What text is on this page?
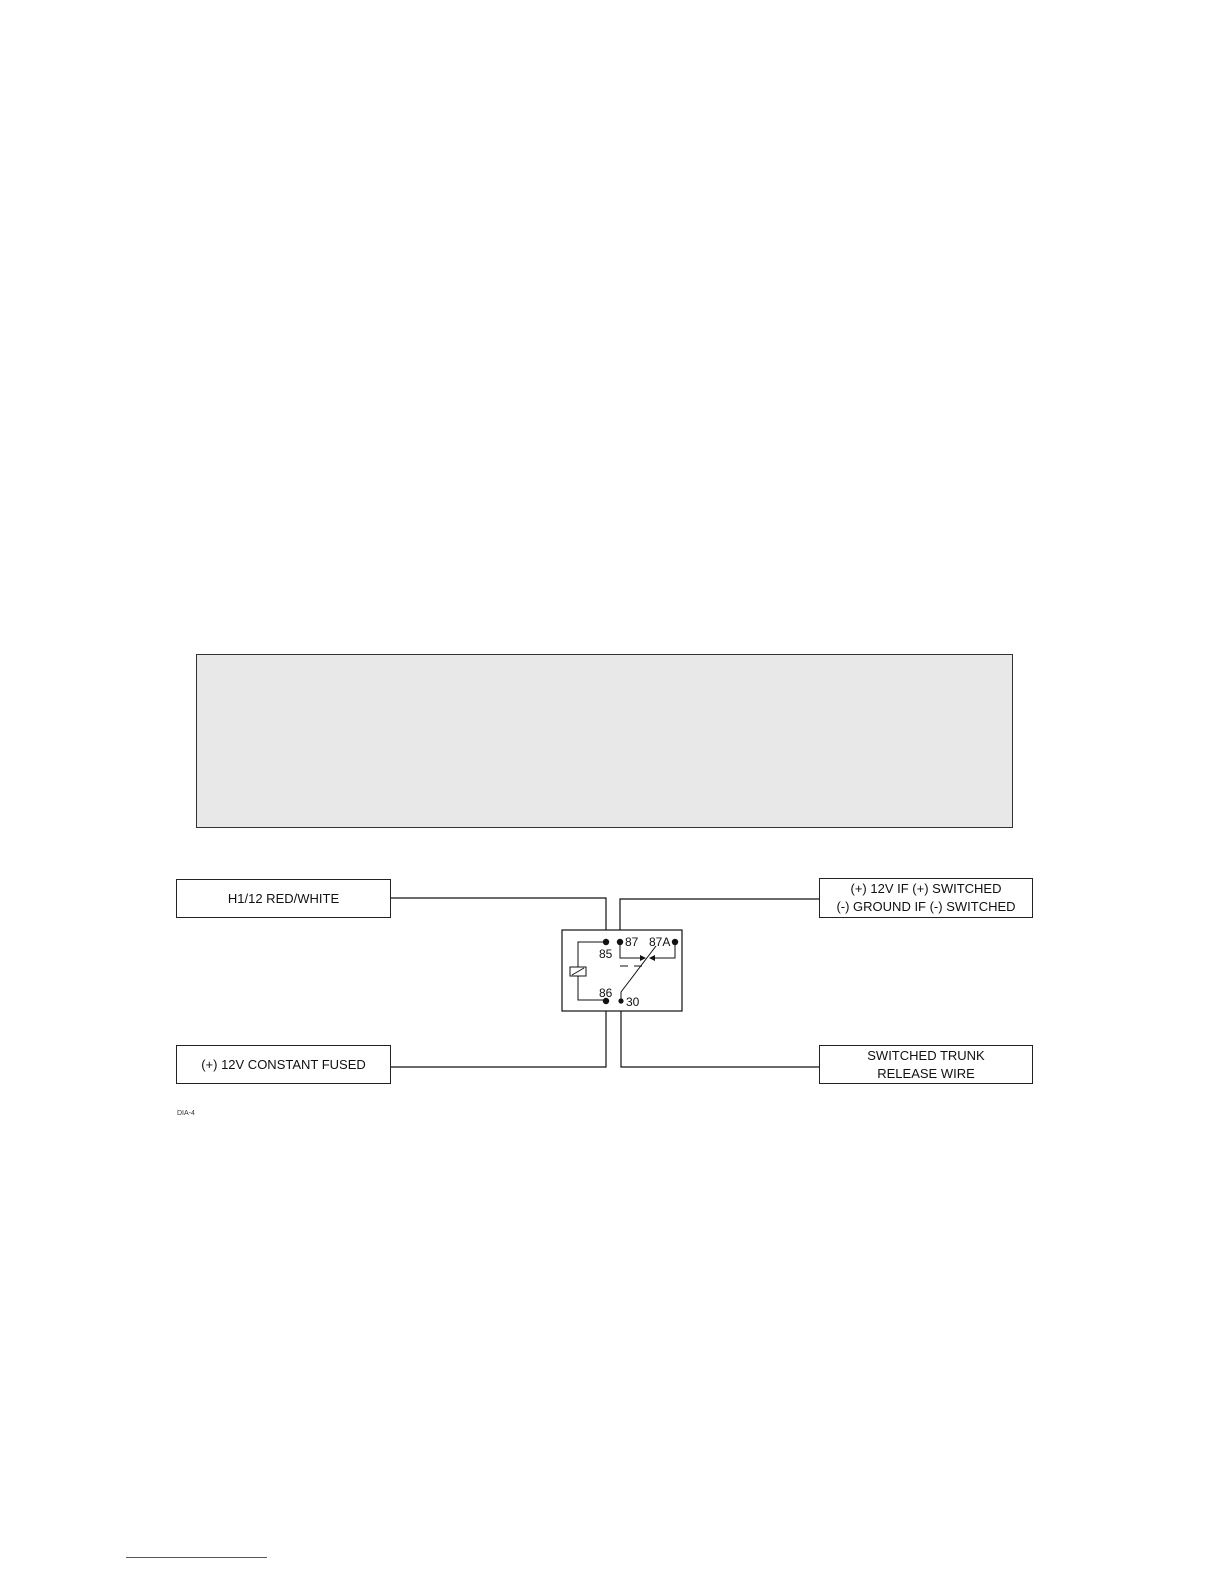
H1/12 RED/WHITE
(+) 12V IF (+) SWITCHED
(-) GROUND IF (-) SWITCHED
(+) 12V CONSTANT FUSED
SWITCHED TRUNK
RELEASE WIRE
85
87 87A
86
30
DIA-4
